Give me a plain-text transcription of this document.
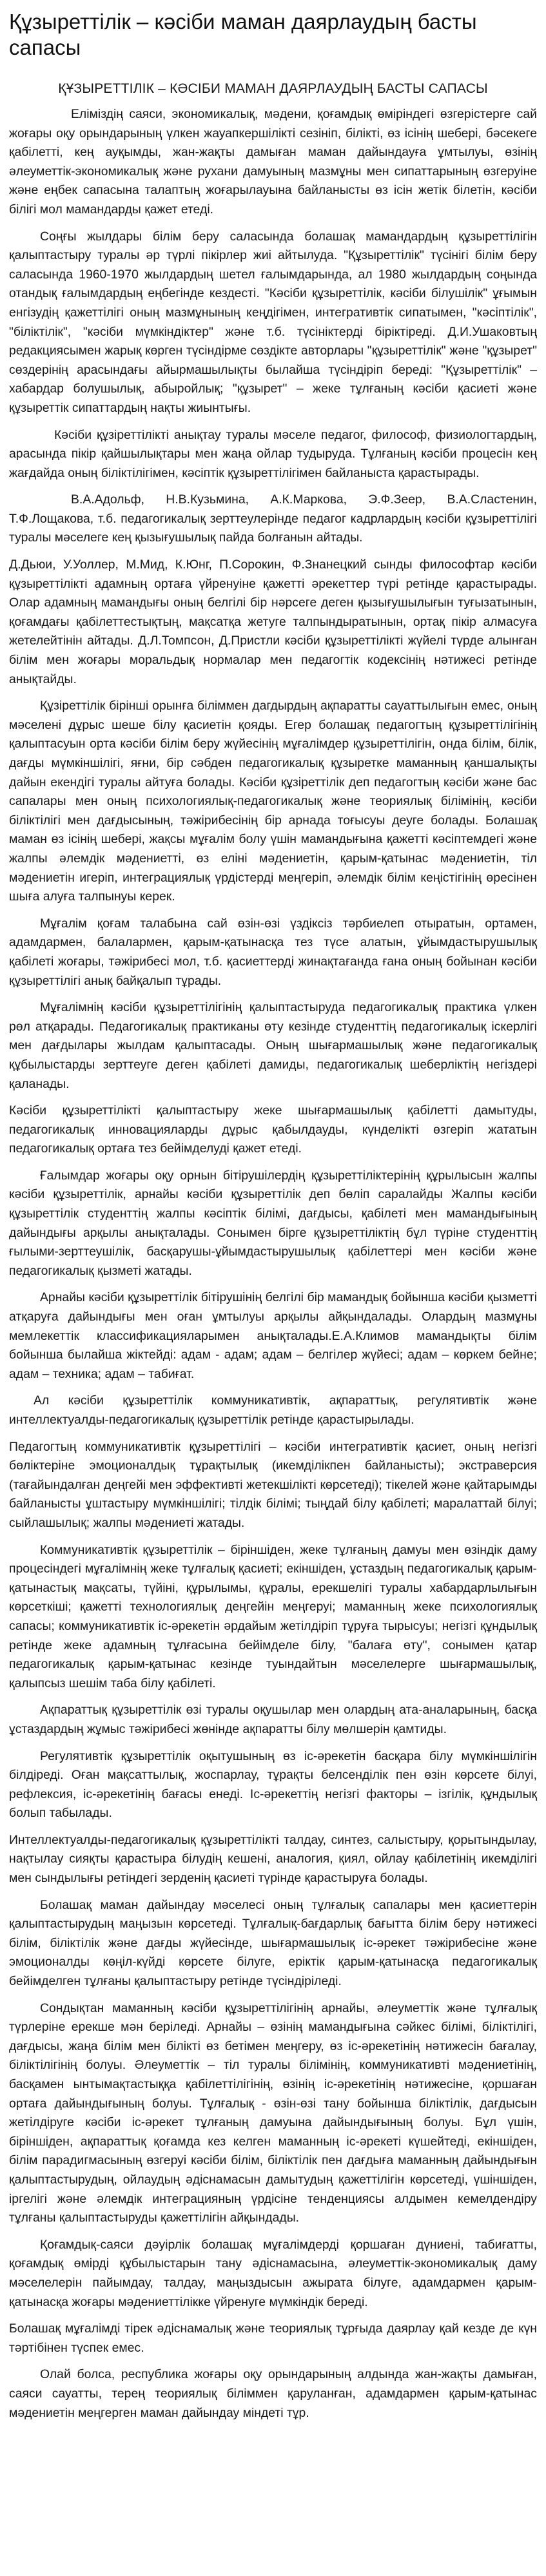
Құзыреттілік – кәсіби маман даярлаудың басты сапасы
ҚҰЗЫРЕТТІЛІК – КӘСІБИ МАМАН ДАЯРЛАУДЫҢ БАСТЫ САПАСЫ

Еліміздің саяси, экономикалық, мәдени, қоғамдық өміріндегі өзгерістерге сай жоғары оқу орындарының үлкен жауапкершілікті сезініп, білікті, өз ісінің шебері, бәсекеге қабілетті, кең ауқымды, жан-жақты дамыған маман дайындауға ұмтылуы, өзінің әлеуметтік-экономикалық және рухани дамуының мазмұны мен сипаттарының өзгеруіне және еңбек сапасына талаптың жоғарылауына байланысты өз ісін жетік білетін, кәсіби білігі мол мамандарды қажет етеді.

Соңғы жылдары білім беру саласында болашақ мамандардың құзыреттілігін қалыптастыру туралы әр түрлі пікірлер жиі айтылуда. "Құзыреттілік" түсінігі білім беру саласында 1960-1970 жылдардың шетел ғалымдарында, ал 1980 жылдардың соңында отандық ғалымдардың еңбегінде кездесті. "Кәсіби құзыреттілік, кәсіби білушілік" ұғымын енгізудің қажеттілігі оның мазмұнының кеңдігімен, интегративтік сипатымен, "кәсіптілік", "біліктілік", "кәсіби мүмкіндіктер" және т.б. түсініктерді біріктіреді. Д.И.Ушаковтың редакциясымен жарық көрген түсіндірме сөздікте авторлары "құзыреттілік" және "құзырет" сөздерінің арасындағы айырмашылықты былайша түсіндіріп береді: "Құзыреттілік" – хабардар болушылық, абыройлық; "құзырет" – жеке тұлғаның кәсіби қасиеті және құзыреттік сипаттардың нақты жиынтығы.

Кәсіби құзіреттілікті анықтау туралы мәселе педагог, философ, физиологтардың, арасында пікір қайшылықтары мен жаңа ойлар тудыруда. Тұлғаның кәсіби процесін кең жағдайда оның біліктілігімен, кәсіптік құзыреттілігімен байланыста қарастырады.

В.А.Адольф, Н.В.Кузьмина, А.К.Маркова, Э.Ф.Зеер, В.А.Сластенин, Т.Ф.Лощакова, т.б. педагогикалық зерттеулерінде педагог кадрлардың кәсіби құзыреттілігі туралы мәселеге кең қызығушылық пайда болғанын айтады.

Д.Дьюи, У.Уоллер, М.Мид, К.Юнг, П.Сорокин, Ф.Знанецкий сынды философтар кәсіби құзыреттілікті адамның ортаға үйренуіне қажетті әрекеттер түрі ретінде қарастырады. Олар адамның мамандығы оның белгілі бір нәрсеге деген қызығушылығын туғызатынын, қоғамдағы қабілеттестықтың, мақсатқа жетуге талпындыратынын, ортақ пікір алмасуға жетелейтінін айтады. Д.Л.Томпсон, Д.Пристли кәсіби құзыреттілікті жүйелі түрде алынған білім мен жоғары моральдық нормалар мен педагогтік кодексінің нәтижесі ретінде анықтайды.

Құзіреттілік бірінші орынға біліммен дагдырдың ақпаратты сауаттылығын емес, оның мәселені дұрыс шеше білу қасиетін қояды. Егер болашақ педагогтың құзыреттілігінің қалыптасуын орта кәсіби білім беру жүйесінің мұғалімдер құзыреттілігін, онда білім, білік, дағды мүмкіншілігі, яғни, бір сәбден педагогикалық құзыретке маманның қаншалықты дайын екендігі туралы айтуға болады. Кәсіби құзіреттілік деп педагогтың кәсіби және бас сапалары мен оның психологиялық-педагогикалық және теориялық білімінің, кәсіби біліктілігі мен дағдысының, тәжірибесінің бір арнада тоғысуы деуге болады. Болашақ маман өз ісінің шебері, жақсы мұғалім болу үшін мамандығына қажетті кәсіптемдегі және жалпы әлемдік мәдениетті, өз еліні мәдениетін, қарым-қатынас мәдениетін, тіл мәдениетін игеріп, интеграциялық үрдістерді меңгеріп, әлемдік білім кеңістігінің өресінен шыға алуға талпынуы керек.

Мұғалім қоғам талабына сай өзін-өзі үздіксіз тәрбиелеп отыратын, ортамен, адамдармен, балалармен, қарым-қатынасқа тез түсе алатын, ұйымдастырушылық қабілеті жоғары, тәжірибесі мол, т.б. қасиеттерді жинақтағанда ғана оның бойынан кәсіби құзыреттілігі анық байқалып тұрады.

Мұғалімнің кәсіби құзыреттілігінің қалыптастыруда педагогикалық практика үлкен рөл атқарады. Педагогикалық практиканы өту кезінде студенттің педагогикалық іскерлігі мен дағдылары жылдам қалыптасады. Оның шығармашылық және педагогикалық құбылыстарды зерттеуге деген қабілеті дамиды, педагогикалық шеберліктің негіздері қаланады.

Кәсіби құзыреттілікті қалыптастыру жеке шығармашылық қабілетті дамытуды, педагогикалық инновацияларды дұрыс қабылдауды, күнделікті өзгеріп жататын педагогикалық ортаға тез бейімделуді қажет етеді.

Ғалымдар жоғары оқу орнын бітірушілердің құзыреттіліктерінің құрылысын жалпы кәсіби құзыреттілік, арнайы кәсіби құзыреттілік деп бөліп саралайды Жалпы кәсіби құзыреттілік студенттің жалпы кәсіптік білімі, дағдысы, қабілеті мен мамандығының дайындығы арқылы анықталады. Сонымен бірге құзыреттіліктің бұл түріне студенттің ғылыми-зерттеушілік, басқарушы-ұйымдастырушылық қабілеттері мен кәсіби және педагогикалық қызметі жатады.

Арнайы кәсіби құзыреттілік бітірушінің белгілі бір мамандық бойынша кәсіби қызметті атқаруға дайындығы мен оған ұмтылуы арқылы айқындалады. Олардың мазмұны мемлекеттік классификацияларымен анықталады.Е.А.Климов мамандықты білім бойынша былайша жіктейді: адам - адам; адам – белгілер жүйесі; адам – көркем бейне; адам – техника; адам – табиғат.

Ал кәсіби құзыреттілік коммуникативтік, ақпараттық, регулятивтік және интеллектуалды-педагогикалық құзыреттілік ретінде қарастырылады.

Педагогтың коммуникативтік құзыреттілігі – кәсіби интегративтік қасиет, оның негізгі бөліктеріне эмоционалдық тұрақтылық (икемділікпен байланысты); экстраверсия (тағайындалған деңгейі мен эффективті жетекшілікті көрсетеді); тікелей және қайтарымды байланысты ұштастыру мүмкіншілігі; тілдік білімі; тыңдай білу қабілеті; маралаттай білуі; сыйлашылық; жалпы мәдениеті жатады.

Коммуникативтік құзыреттілік – біріншіден, жеке тұлғаның дамуы мен өзіндік даму процесіндегі мұғалімнің жеке тұлғалық қасиеті; екіншіден, ұстаздың педагогикалық қарым-қатынастық мақсаты, түйіні, құрылымы, құралы, ерекшелігі туралы хабардарлылығын көрсеткіші; қажетті технологиялық деңгейін меңгеруі; маманның жеке психологиялық сапасы; коммуникативтік іс-әрекетін әрдайым жетілдіріп тұруға тырысуы; негізгі құндылық ретінде жеке адамның тұлғасына бейімделе білу, "балаға өту", сонымен қатар педагогикалық қарым-қатынас кезінде туындайтын мәселелерге шығармашылық, қалыпсыз шешім таба білу қабілеті.

Ақпараттық құзыреттілік өзі туралы оқушылар мен олардың ата-аналарының, басқа ұстаздардың жұмыс тәжірибесі жөнінде ақпаратты білу мөлшерін қамтиды.

Регулятивтік құзыреттілік оқытушының өз іс-әрекетін басқара білу мүмкіншілігін білдіреді. Оған мақсаттылық, жоспарлау, тұрақты белсенділік пен өзін көрсете білуі, рефлексия, іс-әрекетінің бағасы енеді. Іс-әрекеттің негізгі факторы – ізгілік, құндылық болып табылады.

Интеллектуалды-педагогикалық құзыреттілікті талдау, синтез, салыстыру, қорытындылау, нақтылау сияқты қарастыра білудің кешені, аналогия, қиял, ойлау қабілетінің икемділігі мен сындылығы ретіндегі зерденің қасиеті түрінде қарастыруға болады.

Болашақ маман дайындау мәселесі оның тұлғалық сапалары мен қасиеттерін қалыптастырудың маңызын көрсетеді. Тұлғалық-бағдарлық бағытта білім беру нәтижесі білім, біліктілік және дағды жүйесінде, шығармашылық іс-әрекет тәжірибесіне және эмоционалды көңіл-күйді көрсете білуге, еріктік қарым-қатынасқа педагогикалық бейімделген тұлғаны қалыптастыру ретінде түсіндіріледі.

Сондықтан маманның кәсіби құзыреттілігінің арнайы, әлеуметтік және тұлғалық түрлеріне ерекше мән беріледі. Арнайы – өзінің мамандығына сәйкес білімі, біліктілігі, дағдысы, жаңа білім мен білікті өз бетімен меңгеру, өз іс-әрекетінің нәтижесін бағалау, біліктілігінің болуы. Әлеуметтік – тіл туралы білімінің, коммуникативті мәдениетінің, басқамен ынтымақтастыққа қабілеттілігінің, өзінің іс-әрекетінің нәтижесіне, қоршаған ортаға дайындығының болуы. Тұлғалық - өзін-өзі тану бойынша біліктілік, дағдысын жетілдіруге кәсіби іс-әрекет тұлғаның дамуына дайындығының болуы. Бұл үшін, біріншіден, ақпараттық қоғамда кез келген маманның іс-әрекеті күшейтеді, екіншіден, білім парадигмасының өзгеруі кәсіби білім, біліктілік пен дағдыға маманның дайындығын қалыптастырудың, ойлаудың әдіснамасын дамытудың қажеттілігін көрсетеді, үшіншіден, іргелігі және әлемдік интеграцияның үрдісіне тенденциясы алдымен кемелдендіру тұлғаны қалыптастыруды қажеттілігін айқындады.

Қоғамдық-саяси дәуірлік болашақ мұғалімдерді қоршаған дүниені, табиғатты, қоғамдық өмірді құбылыстарын тану әдіснамасына, әлеуметтік-экономикалық даму мәселелерін пайымдау, талдау, маңыздысын ажырата білуге, адамдармен қарым-қатынасқа жоғары мәдениеттілікке үйренуге мүмкіндік береді.

Болашақ мұғалімді тірек әдіснамалық және теориялық тұрғыда даярлау қай кезде де күн тәртібінен түспек емес.

Олай болса, республика жоғары оқу орындарының алдында жан-жақты дамыған, саяси сауатты, терең теориялық біліммен қаруланған, адамдармен қарым-қатынас мәдениетін меңгерген маман дайындау міндеті тұр.
